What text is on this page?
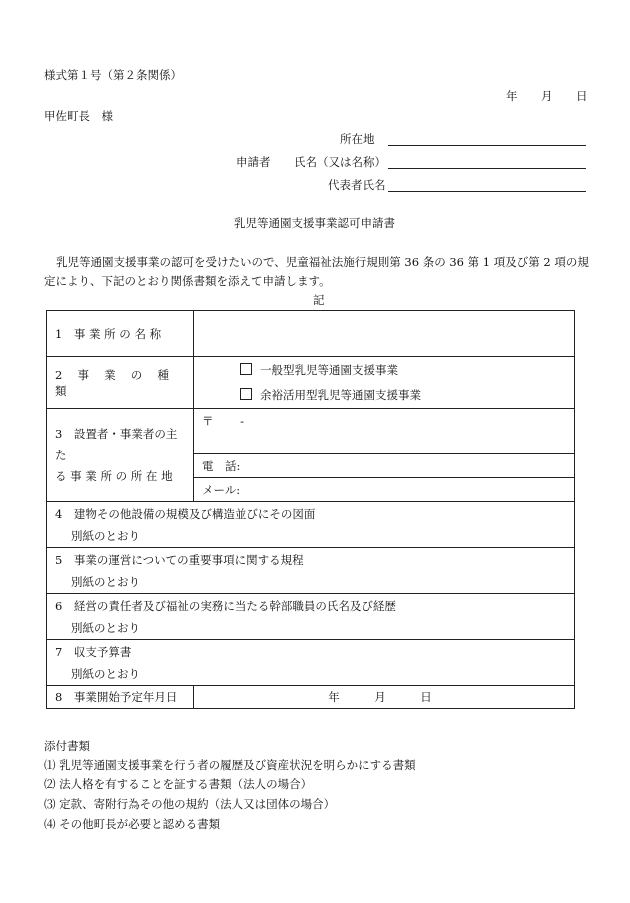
様式第１号（第２条関係）
年 月 日
甲佐町長　様
所在地
申請者 氏名（又は名称）
代表者氏名
乳児等通園支援事業認可申請書
乳児等通園支援事業の認可を受けたいので、児童福祉法施行規則第 36 条の 36 第 1 項及び第 2 項の規
定により、下記のとおり関係書類を添えて申請します。
記
1　事 業 所 の 名 称	
2　 事　 業　 の　 種　 類	一般型乳児等通園支援事業
余裕活用型乳児等通園支援事業

3　設置者・事業者の主た
る 事 業 所 の 所 在 地	〒　　 -
	電　話:
	メール:

4　建物その他設備の規模及び構造並びにその図面
別紙のとおり	

5　事業の運営についての重要事項に関する規程
別紙のとおり	

6　経営の責任者及び福祉の実務に当たる幹部職員の氏名及び経歴
別紙のとおり	

7　収支予算書
別紙のとおり	

8　事業開始予定年月日	年　　　月　　　日
添付書類
⑴ 乳児等通園支援事業を行う者の履歴及び資産状況を明らかにする書類
⑵ 法人格を有することを証する書類（法人の場合）
⑶ 定款、寄附行為その他の規約（法人又は団体の場合）
⑷ その他町長が必要と認める書類
